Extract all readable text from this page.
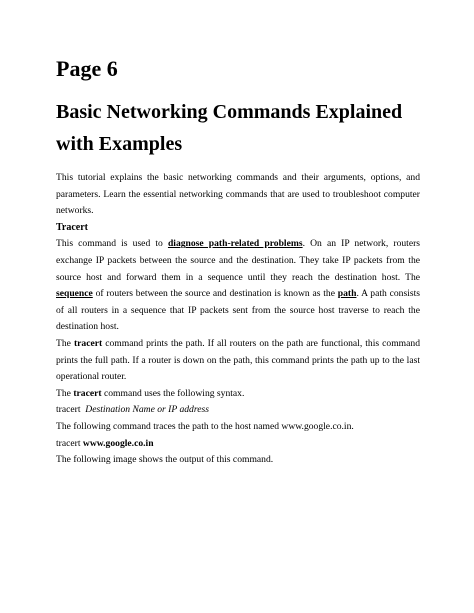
Page 6
Basic Networking Commands Explained with Examples

This tutorial explains the basic networking commands and their arguments, options, and parameters. Learn the essential networking commands that are used to troubleshoot computer networks.

Tracert

This command is used to diagnose path-related problems. On an IP network, routers exchange IP packets between the source and the destination. They take IP packets from the source host and forward them in a sequence until they reach the destination host. The sequence of routers between the source and destination is known as the path. A path consists of all routers in a sequence that IP packets sent from the source host traverse to reach the destination host.

The tracert command prints the path. If all routers on the path are functional, this command prints the full path. If a router is down on the path, this command prints the path up to the last operational router.

The tracert command uses the following syntax.

tracert Destination Name or IP address

The following command traces the path to the host named www.google.co.in.

tracert www.google.co.in

The following image shows the output of this command.
